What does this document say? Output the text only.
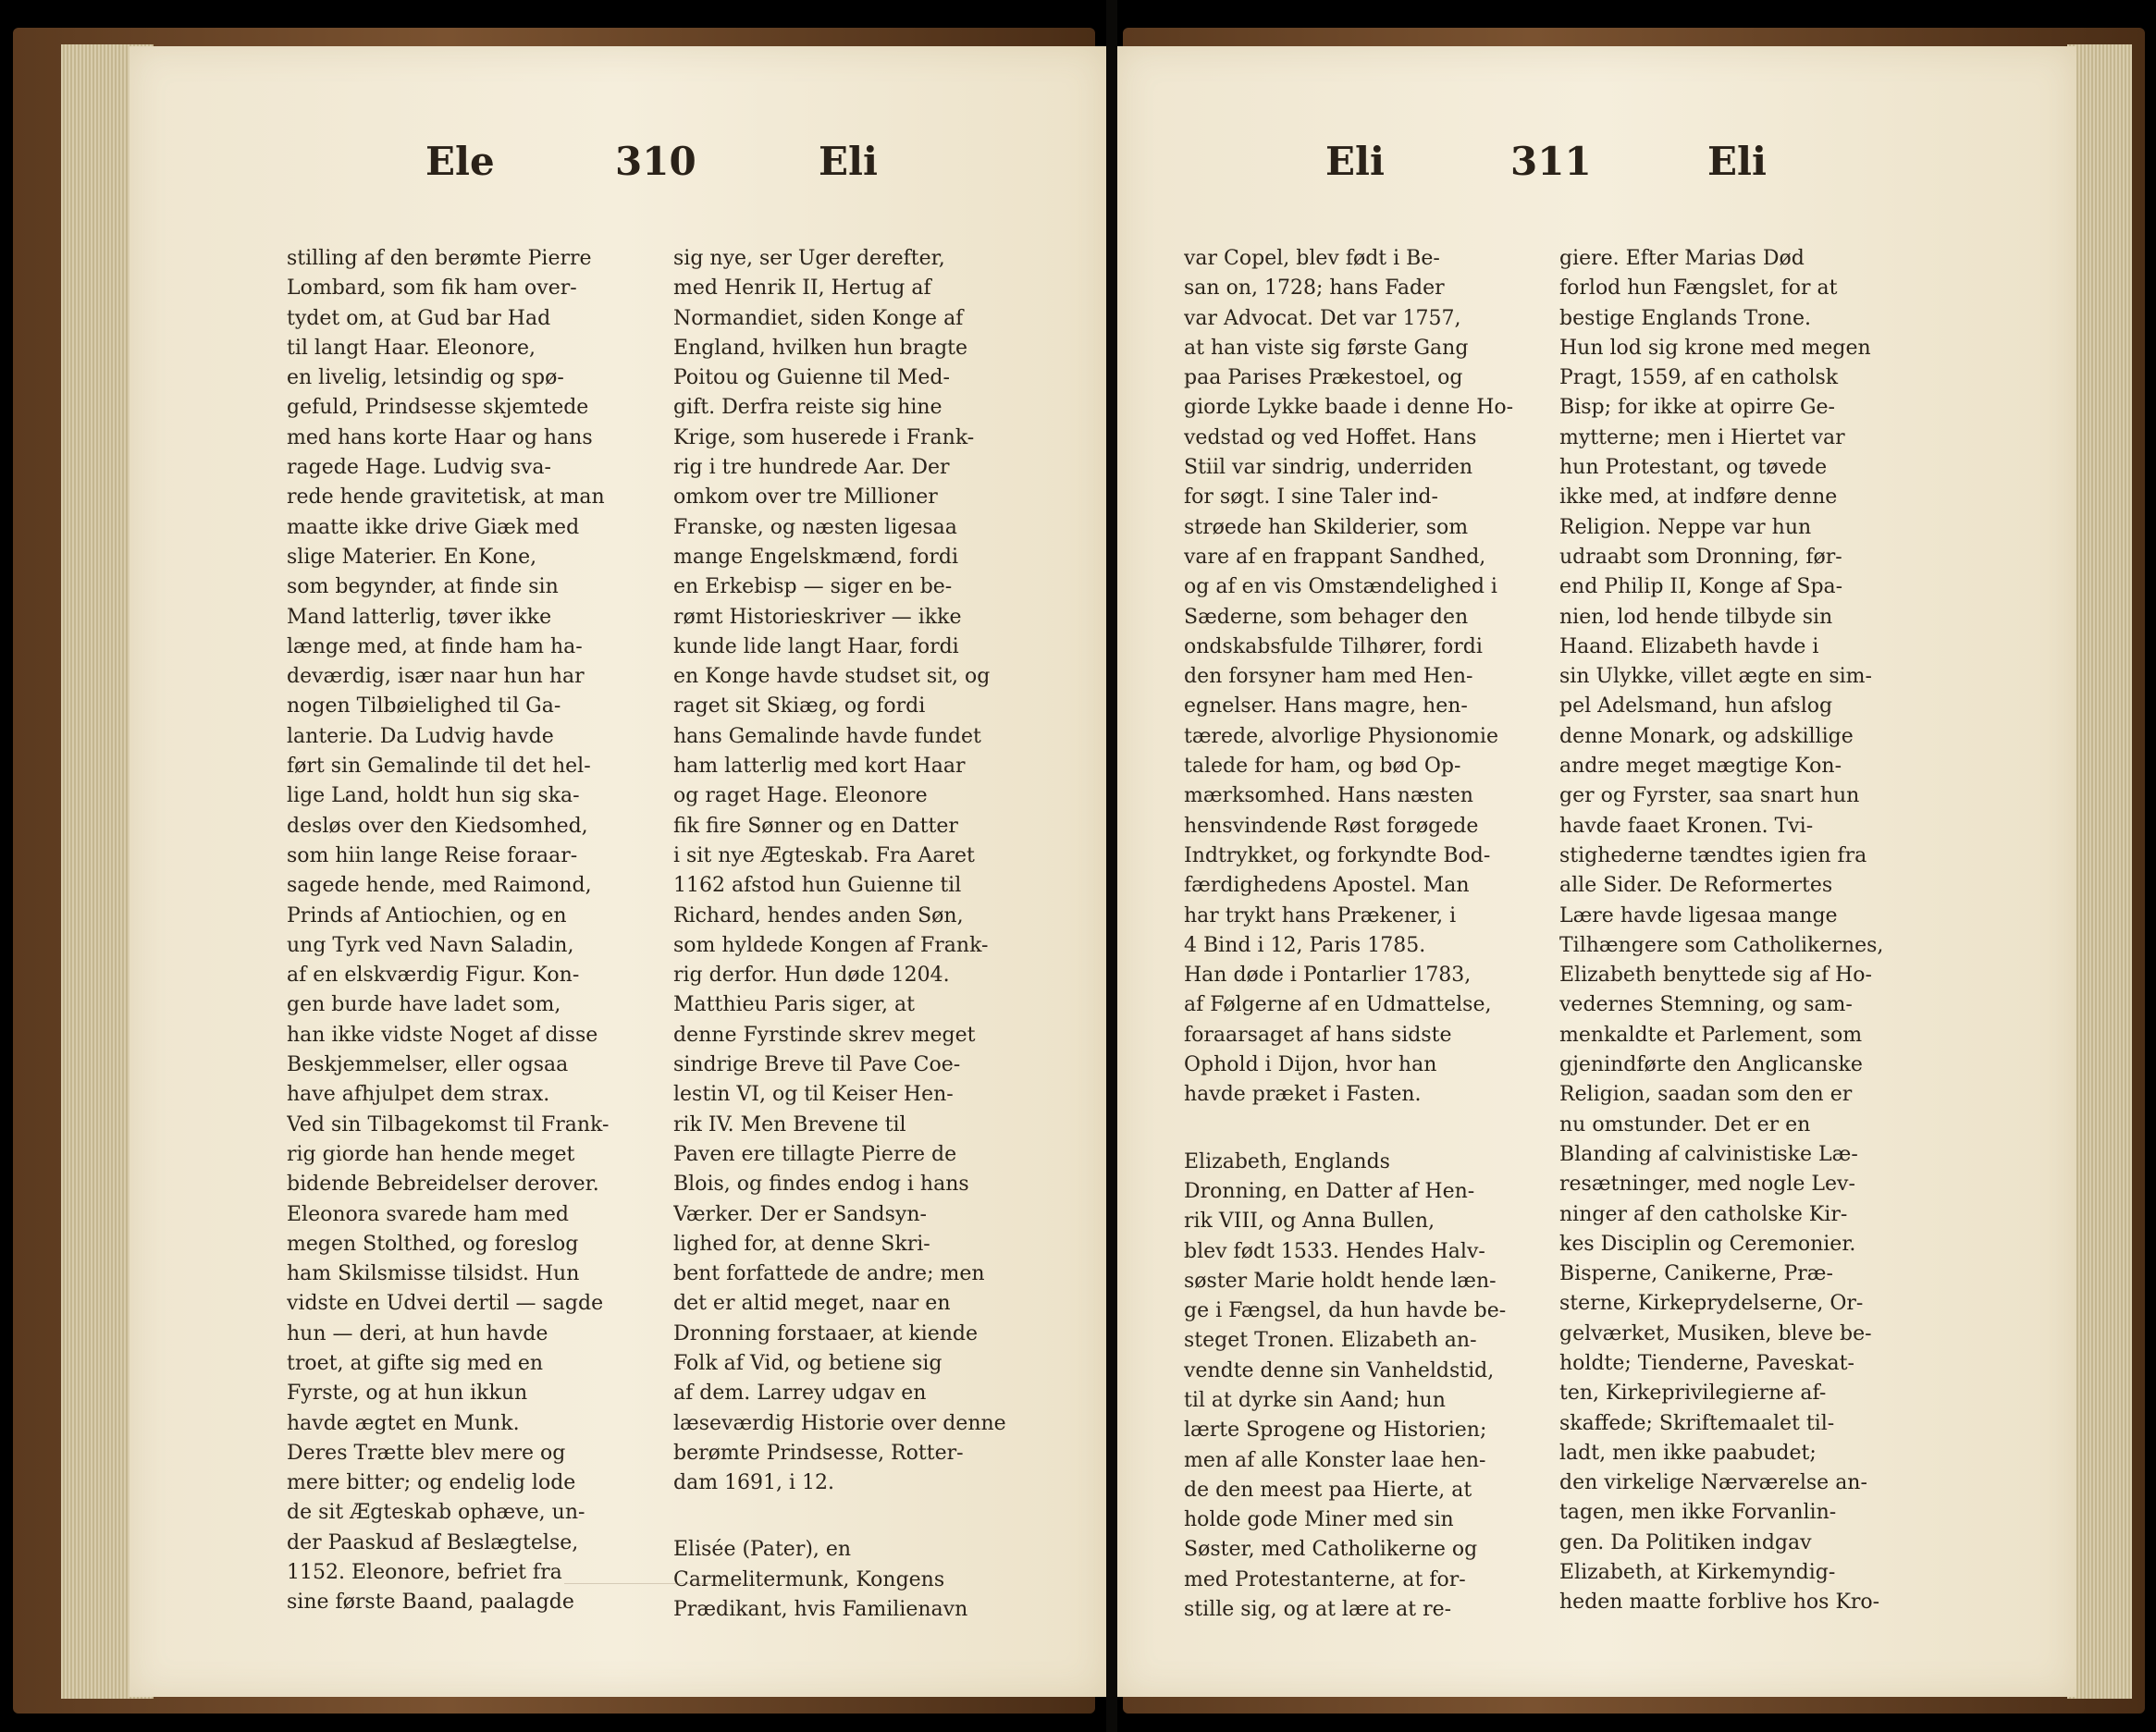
Ele	310	Eli
stilling af den berømte Pierre
Lombard, som fik ham over-
tydet om, at Gud bar Had
til langt Haar. Eleonore,
en livelig, letsindig og spø-
gefuld, Prindsesse skjemtede
med hans korte Haar og hans
ragede Hage. Ludvig sva-
rede hende gravitetisk, at man
maatte ikke drive Giæk med
slige Materier. En Kone,
som begynder, at finde sin
Mand latterlig, tøver ikke
længe med, at finde ham ha-
deværdig, især naar hun har
nogen Tilbøielighed til Ga-
lanterie. Da Ludvig havde
ført sin Gemalinde til det hel-
lige Land, holdt hun sig ska-
desløs over den Kiedsomhed,
som hiin lange Reise foraar-
sagede hende, med Raimond,
Prinds af Antiochien, og en
ung Tyrk ved Navn Saladin,
af en elskværdig Figur. Kon-
gen burde have ladet som,
han ikke vidste Noget af disse
Beskjemmelser, eller ogsaa
have afhjulpet dem strax.
Ved sin Tilbagekomst til Frank-
rig giorde han hende meget
bidende Bebreidelser derover.
Eleonora svarede ham med
megen Stolthed, og foreslog
ham Skilsmisse tilsidst. Hun
vidste en Udvei dertil — sagde
hun — deri, at hun havde
troet, at gifte sig med en
Fyrste, og at hun ikkun
havde ægtet en Munk.
Deres Trætte blev mere og
mere bitter; og endelig lode
de sit Ægteskab ophæve, un-
der Paaskud af Beslægtelse,
1152. Eleonore, befriet fra
sine første Baand, paalagde
sig nye, ser Uger derefter,
med Henrik II, Hertug af
Normandiet, siden Konge af
England, hvilken hun bragte
Poitou og Guienne til Med-
gift. Derfra reiste sig hine
Krige, som huserede i Frank-
rig i tre hundrede Aar. Der
omkom over tre Millioner
Franske, og næsten ligesaa
mange Engelskmænd, fordi
en Erkebisp — siger en be-
rømt Historieskriver — ikke
kunde lide langt Haar, fordi
en Konge havde studset sit, og
raget sit Skiæg, og fordi
hans Gemalinde havde fundet
ham latterlig med kort Haar
og raget Hage. Eleonore
fik fire Sønner og en Datter
i sit nye Ægteskab. Fra Aaret
1162 afstod hun Guienne til
Richard, hendes anden Søn,
som hyldede Kongen af Frank-
rig derfor. Hun døde 1204.
Matthieu Paris siger, at
denne Fyrstinde skrev meget
sindrige Breve til Pave Coe-
lestin VI, og til Keiser Hen-
rik IV. Men Brevene til
Paven ere tillagte Pierre de
Blois, og findes endog i hans
Værker. Der er Sandsyn-
lighed for, at denne Skri-
bent forfattede de andre; men
det er altid meget, naar en
Dronning forstaaer, at kiende
Folk af Vid, og betiene sig
af dem. Larrey udgav en
læseværdig Historie over denne
berømte Prindsesse, Rotter-
dam 1691, i 12.
Elisée (Pater), en
Carmelitermunk, Kongens
Prædikant, hvis Familienavn
Eli	311	Eli
var Copel, blev født i Be-
san on, 1728; hans Fader
var Advocat. Det var 1757,
at han viste sig første Gang
paa Parises Prækestoel, og
giorde Lykke baade i denne Ho-
vedstad og ved Hoffet. Hans
Stiil var sindrig, underriden
for søgt. I sine Taler ind-
strøede han Skilderier, som
vare af en frappant Sandhed,
og af en vis Omstændelighed i
Sæderne, som behager den
ondskabsfulde Tilhører, fordi
den forsyner ham med Hen-
egnelser. Hans magre, hen-
tærede, alvorlige Physionomie
talede for ham, og bød Op-
mærksomhed. Hans næsten
hensvindende Røst forøgede
Indtrykket, og forkyndte Bod-
færdighedens Apostel. Man
har trykt hans Prækener, i
4 Bind i 12, Paris 1785.
Han døde i Pontarlier 1783,
af Følgerne af en Udmattelse,
foraarsaget af hans sidste
Ophold i Dijon, hvor han
havde præket i Fasten.
Elizabeth, Englands
Dronning, en Datter af Hen-
rik VIII, og Anna Bullen,
blev født 1533. Hendes Halv-
søster Marie holdt hende læn-
ge i Fængsel, da hun havde be-
steget Tronen. Elizabeth an-
vendte denne sin Vanheldstid,
til at dyrke sin Aand; hun
lærte Sprogene og Historien;
men af alle Konster laae hen-
de den meest paa Hierte, at
holde gode Miner med sin
Søster, med Catholikerne og
med Protestanterne, at for-
stille sig, og at lære at re-
giere. Efter Marias Død
forlod hun Fængslet, for at
bestige Englands Trone.
Hun lod sig krone med megen
Pragt, 1559, af en catholsk
Bisp; for ikke at opirre Ge-
mytterne; men i Hiertet var
hun Protestant, og tøvede
ikke med, at indføre denne
Religion. Neppe var hun
udraabt som Dronning, før-
end Philip II, Konge af Spa-
nien, lod hende tilbyde sin
Haand. Elizabeth havde i
sin Ulykke, villet ægte en sim-
pel Adelsmand, hun afslog
denne Monark, og adskillige
andre meget mægtige Kon-
ger og Fyrster, saa snart hun
havde faaet Kronen. Tvi-
stighederne tændtes igien fra
alle Sider. De Reformertes
Lære havde ligesaa mange
Tilhængere som Catholikernes,
Elizabeth benyttede sig af Ho-
vedernes Stemning, og sam-
menkaldte et Parlement, som
gjenindførte den Anglicanske
Religion, saadan som den er
nu omstunder. Det er en
Blanding af calvinistiske Læ-
resætninger, med nogle Lev-
ninger af den catholske Kir-
kes Disciplin og Ceremonier.
Bisperne, Canikerne, Præ-
sterne, Kirkeprydelserne, Or-
gelværket, Musiken, bleve be-
holdte; Tienderne, Paveskat-
ten, Kirkeprivilegierne af-
skaffede; Skriftemaalet til-
ladt, men ikke paabudet;
den virkelige Nærværelse an-
tagen, men ikke Forvanlin-
gen. Da Politiken indgav
Elizabeth, at Kirkemyndig-
heden maatte forblive hos Kro-
